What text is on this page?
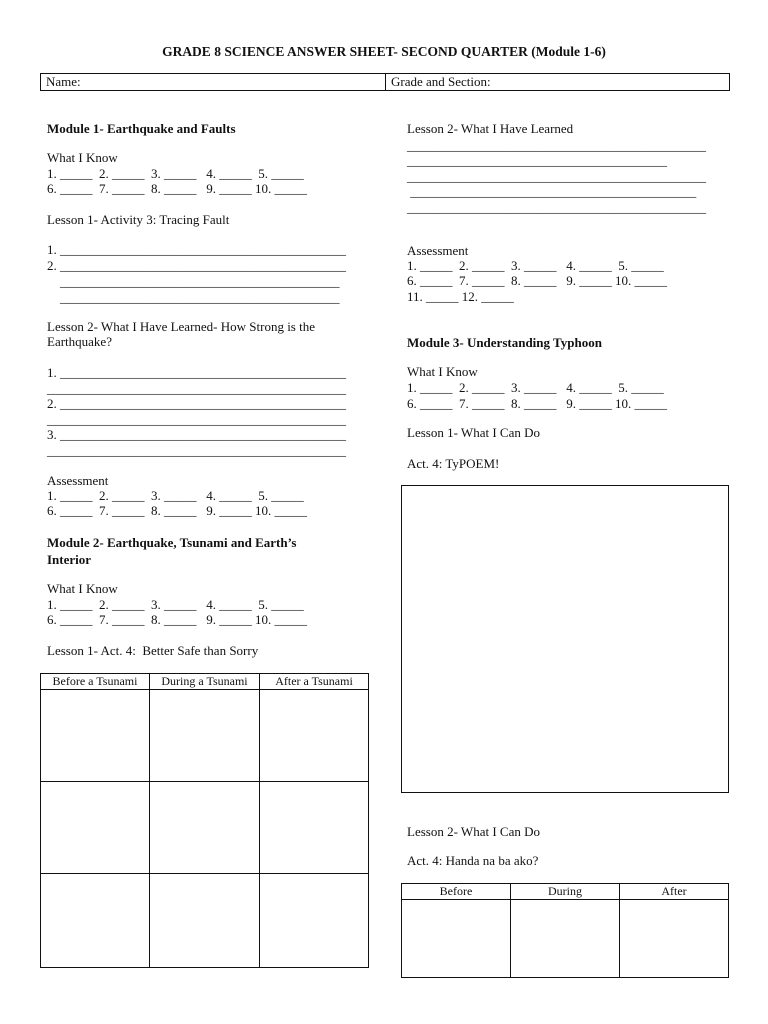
GRADE 8 SCIENCE ANSWER SHEET- SECOND QUARTER (Module 1-6)
Name:	Grade and Section:
Module 1- Earthquake and Faults
What I Know
1. _____  2. _____  3. _____   4. _____  5. _____
6. _____  7. _____  8. _____   9. _____ 10. _____
Lesson 1- Activity 3: Tracing Fault
1. ____________________________________________
2. ____________________________________________
___________________________________________
___________________________________________
Lesson 2- What I Have Learned- How Strong is the
Earthquake?
1. ____________________________________________
______________________________________________
2. ____________________________________________
______________________________________________
3. ____________________________________________
______________________________________________
Assessment
1. _____  2. _____  3. _____   4. _____  5. _____
6. _____  7. _____  8. _____   9. _____ 10. _____
Module 2- Earthquake, Tsunami and Earth’s
Interior
What I Know
1. _____  2. _____  3. _____   4. _____  5. _____
6. _____  7. _____  8. _____   9. _____ 10. _____
Lesson 1- Act. 4:  Better Safe than Sorry
Before a Tsunami	During a Tsunami	After a Tsunami

Lesson 2- What I Have Learned
______________________________________________
________________________________________
______________________________________________
____________________________________________
______________________________________________
Assessment
1. _____  2. _____  3. _____   4. _____  5. _____
6. _____  7. _____  8. _____   9. _____ 10. _____
11. _____ 12. _____
Module 3- Understanding Typhoon
What I Know
1. _____  2. _____  3. _____   4. _____  5. _____
6. _____  7. _____  8. _____   9. _____ 10. _____
Lesson 1- What I Can Do
Act. 4: TyPOEM!
Lesson 2- What I Can Do
Act. 4: Handa na ba ako?
Before	During	After
